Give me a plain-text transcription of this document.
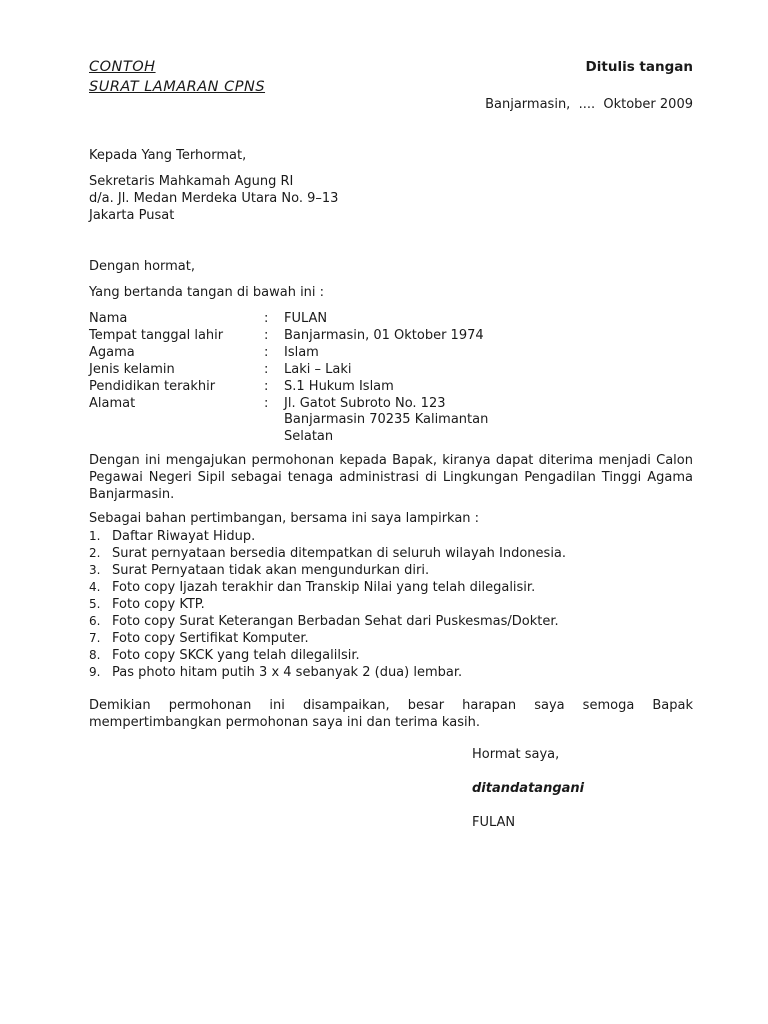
CONTOH
SURAT LAMARAN CPNS
Ditulis tangan
Banjarmasin,  ....  Oktober 2009
Kepada Yang Terhormat,
Sekretaris Mahkamah Agung RI
d/a. Jl. Medan Merdeka Utara No. 9–13
Jakarta Pusat
Dengan hormat,
Yang bertanda tangan di bawah ini :
Nama	: FULAN
Tempat tanggal lahir	: Banjarmasin, 01 Oktober 1974
Agama	: Islam
Jenis kelamin	: Laki – Laki
Pendidikan terakhir	: S.1 Hukum Islam
Alamat	: Jl. Gatot Subroto No. 123
Banjarmasin 70235 Kalimantan
Selatan
Dengan ini mengajukan permohonan kepada Bapak, kiranya dapat diterima menjadi Calon Pegawai Negeri Sipil sebagai tenaga administrasi di Lingkungan Pengadilan Tinggi Agama Banjarmasin.
Sebagai bahan pertimbangan, bersama ini saya lampirkan :
1. Daftar Riwayat Hidup.
2. Surat pernyataan bersedia ditempatkan di seluruh wilayah Indonesia.
3. Surat Pernyataan tidak akan mengundurkan diri.
4. Foto copy Ijazah terakhir dan Transkip Nilai yang telah dilegalisir.
5. Foto copy KTP.
6. Foto copy Surat Keterangan Berbadan Sehat dari Puskesmas/Dokter.
7. Foto copy Sertifikat Komputer.
8. Foto copy SKCK yang telah dilegalilsir.
9. Pas photo hitam putih 3 x 4 sebanyak 2 (dua) lembar.
Demikian permohonan ini disampaikan, besar harapan saya semoga Bapak mempertimbangkan permohonan saya ini dan terima kasih.
Hormat saya,
ditandatangani
FULAN
